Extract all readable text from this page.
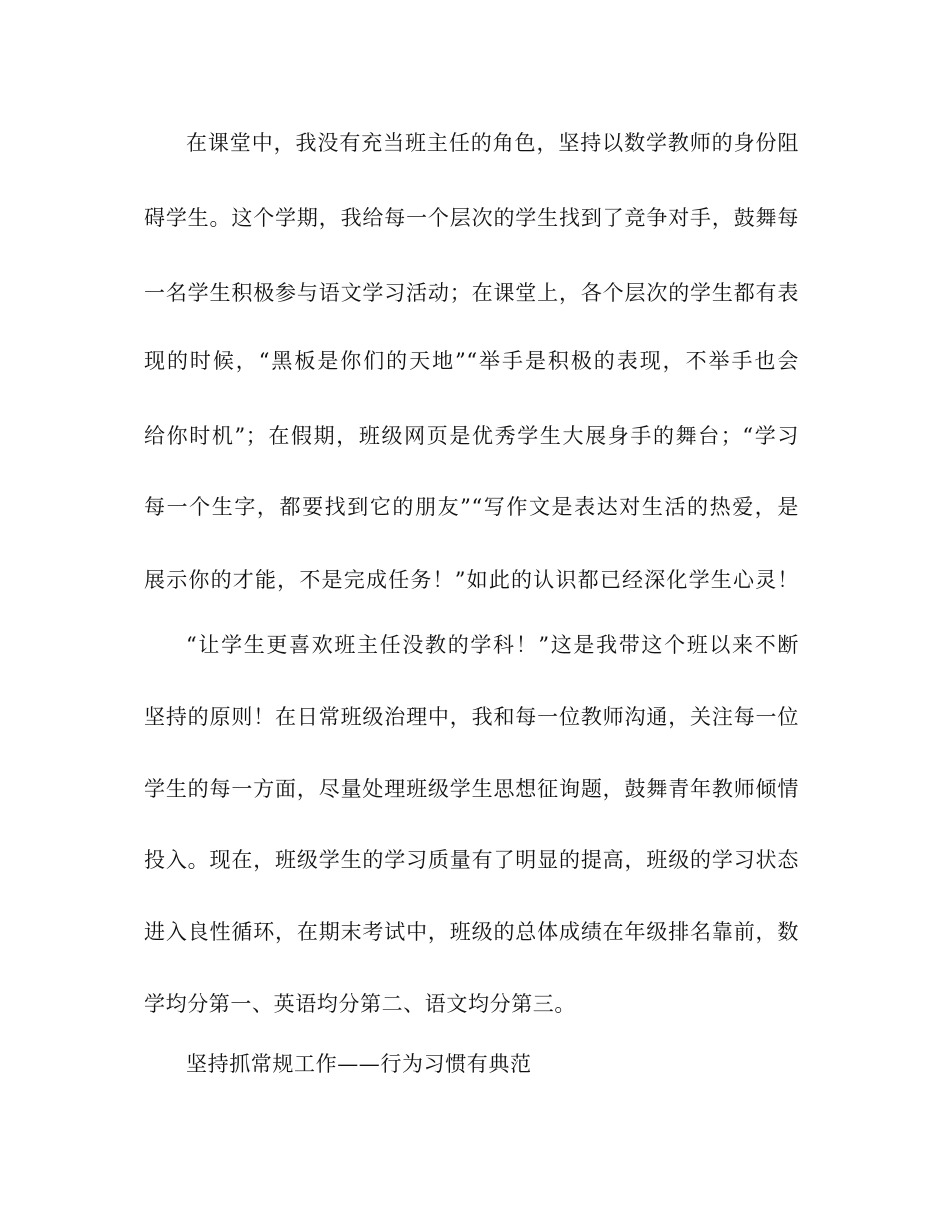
在课堂中，我没有充当班主任的角色，坚持以数学教师的身份阻
碍学生。这个学期，我给每一个层次的学生找到了竞争对手，鼓舞每
一名学生积极参与语文学习活动；在课堂上，各个层次的学生都有表
现的时候，“黑板是你们的天地”“举手是积极的表现，不举手也会
给你时机”；在假期，班级网页是优秀学生大展身手的舞台；“学习
每一个生字，都要找到它的朋友”“写作文是表达对生活的热爱，是
展示你的才能，不是完成任务！”如此的认识都已经深化学生心灵！
“让学生更喜欢班主任没教的学科！”这是我带这个班以来不断
坚持的原则！在日常班级治理中，我和每一位教师沟通，关注每一位
学生的每一方面，尽量处理班级学生思想征询题，鼓舞青年教师倾情
投入。现在，班级学生的学习质量有了明显的提高，班级的学习状态
进入良性循环，在期末考试中，班级的总体成绩在年级排名靠前，数
学均分第一、英语均分第二、语文均分第三。
坚持抓常规工作——行为习惯有典范
